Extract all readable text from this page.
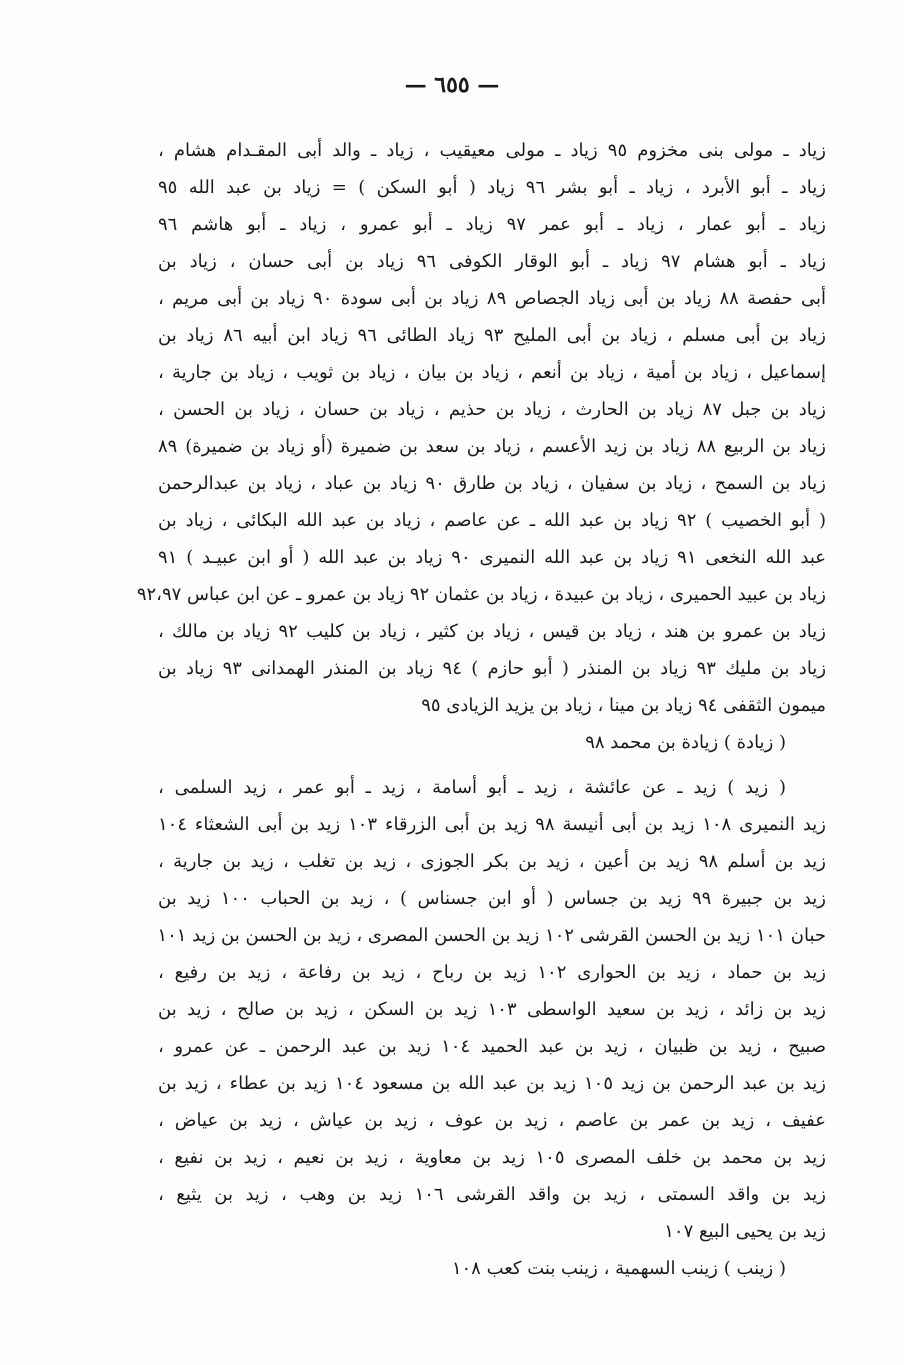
— ٦٥٥ —
زياد ـ مولى بنى مخزوم ٩٥ زياد ـ مولى معيقيب ، زياد ـ والد أبى المقـدام هشام ،
زياد ـ أبو الأبرد ، زياد ـ أبو بشر ٩٦ زياد ( أبو السكن ) = زياد بن عبد الله ٩٥
زياد ـ أبو عمار ، زياد ـ أبو عمر ٩٧ زياد ـ أبو عمرو ، زياد ـ أبو هاشم ٩٦
زياد ـ أبو هشام ٩٧ زياد ـ أبو الوقار الكوفى ٩٦ زياد بن أبى حسان ، زياد بن
أبى حفصة ٨٨ زياد بن أبى زياد الجصاص ٨٩ زياد بن أبى سودة ٩٠ زياد بن أبى مريم ،
زياد بن أبى مسلم ، زياد بن أبى المليح ٩٣ زياد الطائى ٩٦ زياد ابن أبيه ٨٦ زياد بن
إسماعيل ، زياد بن أمية ، زياد بن أنعم ، زياد بن بيان ، زياد بن ثويب ، زياد بن جارية ،
زياد بن جبل ٨٧ زياد بن الحارث ، زياد بن حذيم ، زياد بن حسان ، زياد بن الحسن ،
زياد بن الربيع ٨٨ زياد بن زيد الأعسم ، زياد بن سعد بن ضميرة (أو زياد بن ضميرة) ٨٩
زياد بن السمح ، زياد بن سفيان ، زياد بن طارق ٩٠ زياد بن عباد ، زياد بن عبدالرحمن
( أبو الخصيب ) ٩٢ زياد بن عبد الله ـ عن عاصم ، زياد بن عبد الله البكائى ، زياد بن
عبد الله النخعى ٩١ زياد بن عبد الله النميرى ٩٠ زياد بن عبد الله ( أو ابن عبيـد ) ٩١
زياد بن عبيد الحميرى ، زياد بن عبيدة ، زياد بن عثمان ٩٢ زياد بن عمرو ـ عن ابن عباس ٩٢،٩٧
زياد بن عمرو بن هند ، زياد بن قيس ، زياد بن كثير ، زياد بن كليب ٩٢ زياد بن مالك ،
زياد بن مليك ٩٣ زياد بن المنذر ( أبو حازم ) ٩٤ زياد بن المنذر الهمدانى ٩٣ زياد بن
ميمون الثقفى ٩٤ زياد بن مينا ، زياد بن يزيد الزيادى ٩٥
( زيادة ) زيادة بن محمد ٩٨
( زيد ) زيد ـ عن عائشة ، زيد ـ أبو أسامة ، زيد ـ أبو عمر ، زيد السلمى ،
زيد النميرى ١٠٨ زيد بن أبى أنيسة ٩٨ زيد بن أبى الزرقاء ١٠٣ زيد بن أبى الشعثاء ١٠٤
زيد بن أسلم ٩٨ زيد بن أعين ، زيد بن بكر الجوزى ، زيد بن تغلب ، زيد بن جارية ،
زيد بن جبيرة ٩٩ زيد بن جساس ( أو ابن جسناس ) ، زيد بن الحباب ١٠٠ زيد بن
حبان ١٠١ زيد بن الحسن القرشى ١٠٢ زيد بن الحسن المصرى ، زيد بن الحسن بن زيد ١٠١
زيد بن حماد ، زيد بن الحوارى ١٠٢ زيد بن رباح ، زيد بن رفاعة ، زيد بن رفيع ،
زيد بن زائد ، زيد بن سعيد الواسطى ١٠٣ زيد بن السكن ، زيد بن صالح ، زيد بن
صبيح ، زيد بن ظبيان ، زيد بن عبد الحميد ١٠٤ زيد بن عبد الرحمن ـ عن عمرو ،
زيد بن عبد الرحمن بن زيد ١٠٥ زيد بن عبد الله بن مسعود ١٠٤ زيد بن عطاء ، زيد بن
عفيف ، زيد بن عمر بن عاصم ، زيد بن عوف ، زيد بن عياش ، زيد بن عياض ،
زيد بن محمد بن خلف المصرى ١٠٥ زيد بن معاوية ، زيد بن نعيم ، زيد بن نفيع ،
زيد بن واقد السمتى ، زيد بن واقد القرشى ١٠٦ زيد بن وهب ، زيد بن يثيع ،
زيد بن يحيى البيع ١٠٧
( زينب ) زينب السهمية ، زينب بنت كعب ١٠٨
